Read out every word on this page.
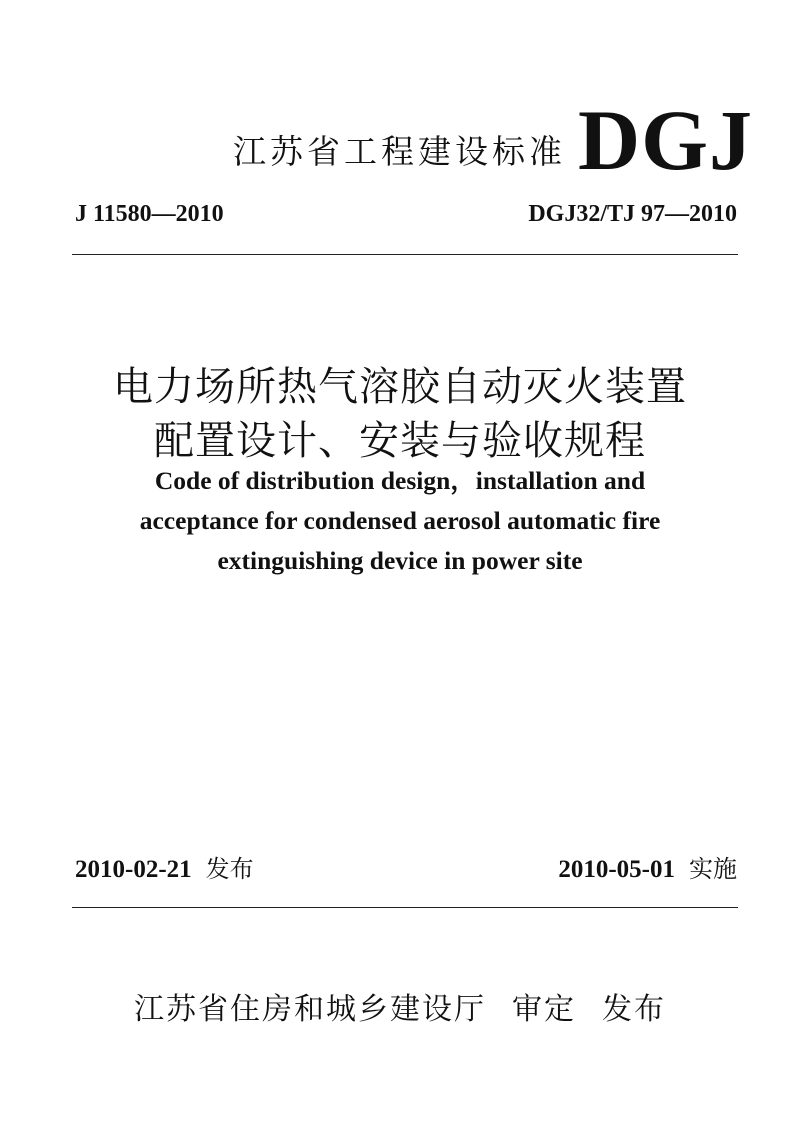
江苏省工程建设标准 DGJ
J 11580—2010	DGJ32/TJ 97—2010
电力场所热气溶胶自动灭火装置
配置设计、安装与验收规程
Code of distribution design，installation and
acceptance for condensed aerosol automatic fire
extinguishing device in power site
2010-02-21 发布	2010-05-01 实施
江苏省住房和城乡建设厅 审定 发布
